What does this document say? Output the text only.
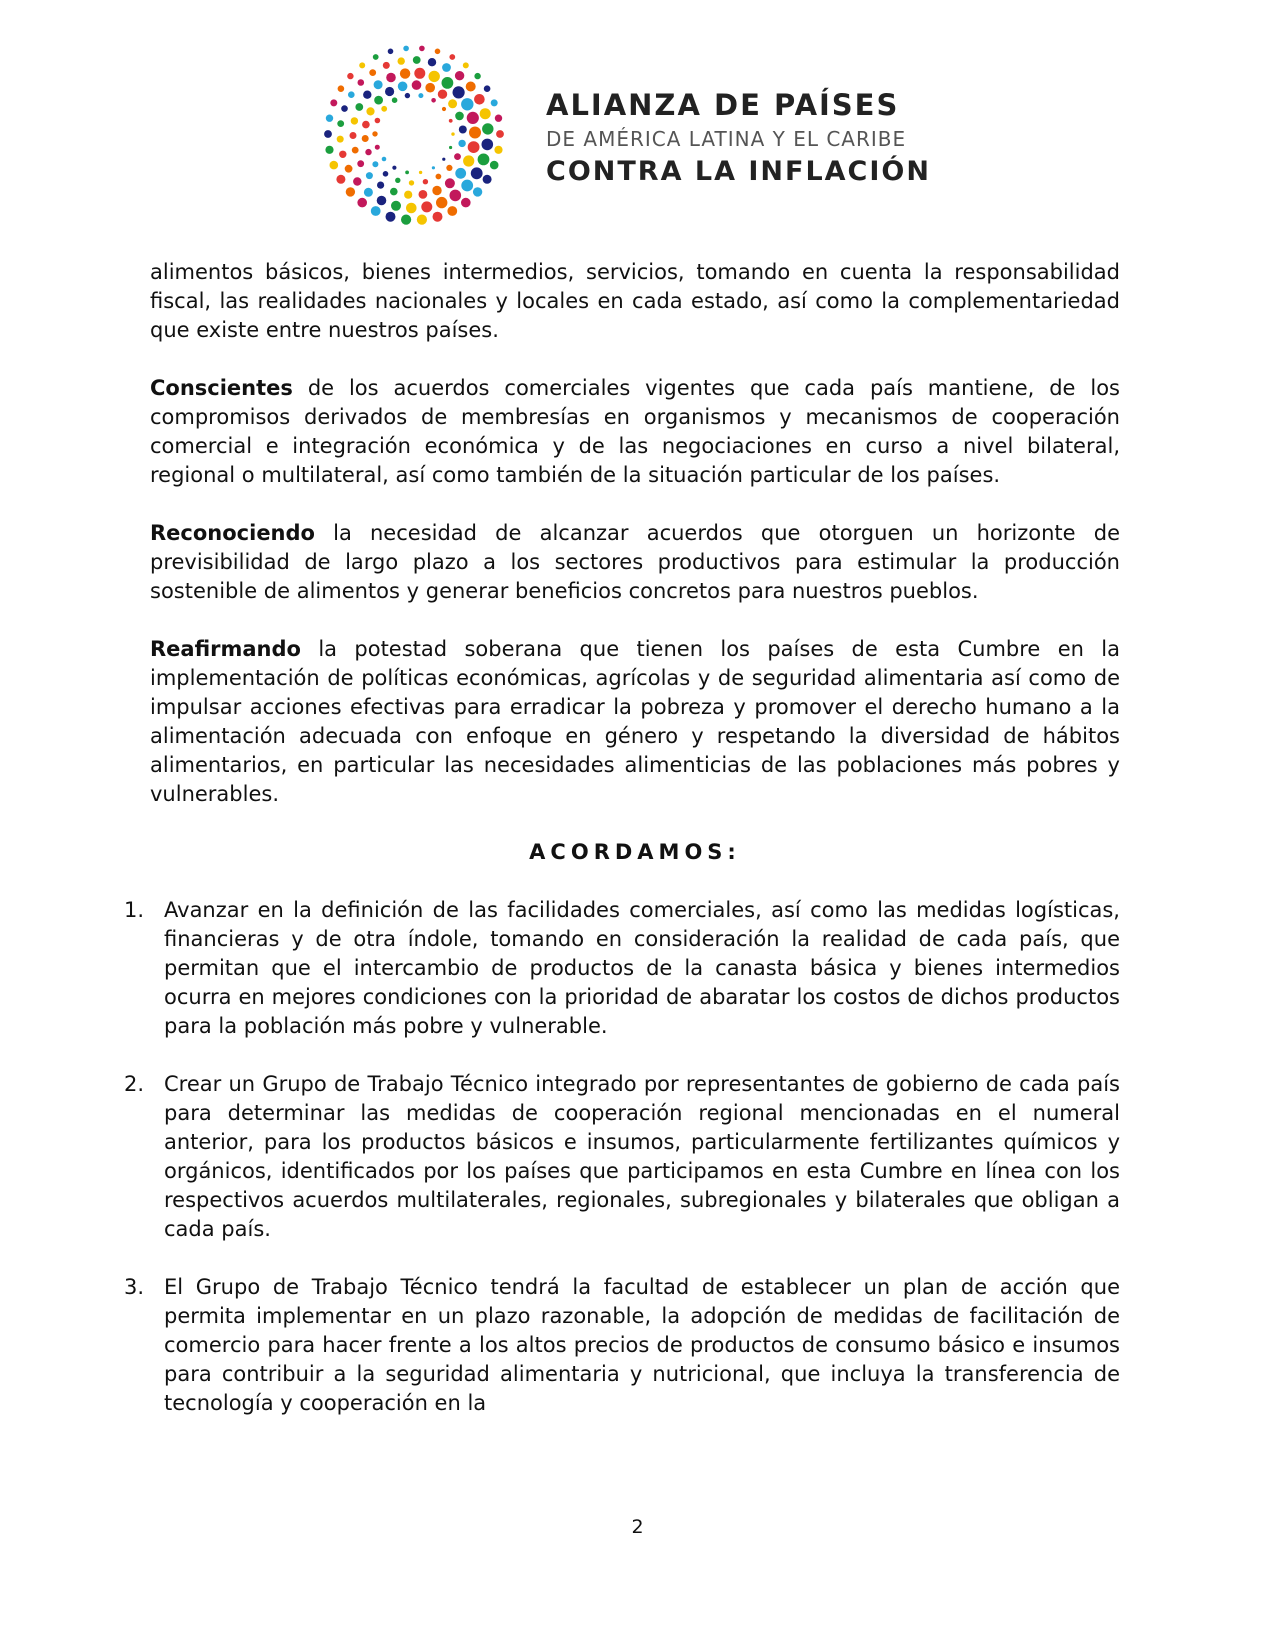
ALIANZA DE PAÍSES
DE AMÉRICA LATINA Y EL CARIBE
CONTRA LA INFLACIÓN

alimentos básicos, bienes intermedios, servicios, tomando en cuenta la responsabilidad fiscal, las realidades nacionales y locales en cada estado, así como la complementariedad que existe entre nuestros países.

Conscientes de los acuerdos comerciales vigentes que cada país mantiene, de los compromisos derivados de membresías en organismos y mecanismos de cooperación comercial e integración económica y de las negociaciones en curso a nivel bilateral, regional o multilateral, así como también de la situación particular de los países.

Reconociendo la necesidad de alcanzar acuerdos que otorguen un horizonte de previsibilidad de largo plazo a los sectores productivos para estimular la producción sostenible de alimentos y generar beneficios concretos para nuestros pueblos.

Reafirmando la potestad soberana que tienen los países de esta Cumbre en la implementación de políticas económicas, agrícolas y de seguridad alimentaria así como de impulsar acciones efectivas para erradicar la pobreza y promover el derecho humano a la alimentación adecuada con enfoque en género y respetando la diversidad de hábitos alimentarios, en particular las necesidades alimenticias de las poblaciones más pobres y vulnerables.

ACORDAMOS:
1. Avanzar en la definición de las facilidades comerciales, así como las medidas logísticas, financieras y de otra índole, tomando en consideración la realidad de cada país, que permitan que el intercambio de productos de la canasta básica y bienes intermedios ocurra en mejores condiciones con la prioridad de abaratar los costos de dichos productos para la población más pobre y vulnerable.
2. Crear un Grupo de Trabajo Técnico integrado por representantes de gobierno de cada país para determinar las medidas de cooperación regional mencionadas en el numeral anterior, para los productos básicos e insumos, particularmente fertilizantes químicos y orgánicos, identificados por los países que participamos en esta Cumbre en línea con los respectivos acuerdos multilaterales, regionales, subregionales y bilaterales que obligan a cada país.
3. El Grupo de Trabajo Técnico tendrá la facultad de establecer un plan de acción que permita implementar en un plazo razonable, la adopción de medidas de facilitación de comercio para hacer frente a los altos precios de productos de consumo básico e insumos para contribuir a la seguridad alimentaria y nutricional, que incluya la transferencia de tecnología y cooperación en la
2
